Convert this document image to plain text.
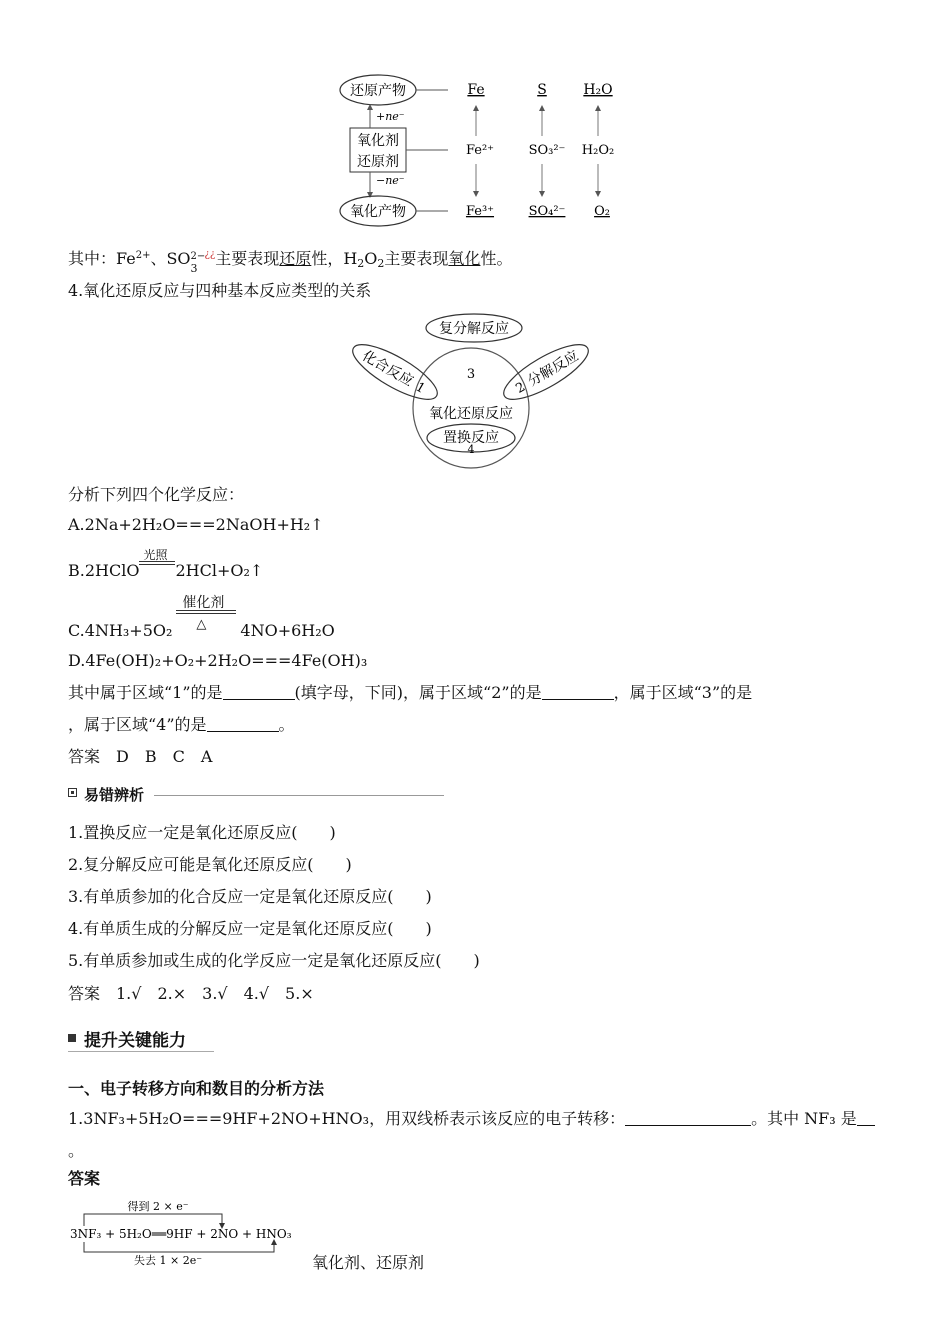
还原产物
氧化剂
还原剂
+ne⁻
−ne⁻
氧化产物
Fe
Fe²⁺
Fe³⁺
S
SO₃²⁻
SO₄²⁻
H₂O
H₂O₂
O₂
其中：$Fe^{2+}$、SO 2−
3
¿¿主要表现还原性，$H_2O_2$主要表现氧化性。
4.氧化还原反应与四种基本反应类型的关系
复分解反应
化合反应
1	2
分解反应
3
氧化还原反应
置换反应
4
分析下列四个化学反应：
A.2Na+2H₂O===2NaOH+H₂↑
B.2HClO
光照
2HCl+O₂↑
C.4NH₃+5O₂
催化剂
△ 4NO+6H₂O
D.4Fe(OH)₂+O₂+2H₂O===4Fe(OH)₃
其中属于区域“1”的是	(填字母，下同)，属于区域“2”的是	，属于区域“3”的是
，属于区域“4”的是	。
答案　D　B　C　A
易错辨析
1.置换反应一定是氧化还原反应(　　)
2.复分解反应可能是氧化还原反应(　　)
3.有单质参加的化合反应一定是氧化还原反应(　　)
4.有单质生成的分解反应一定是氧化还原反应(　　)
5.有单质参加或生成的化学反应一定是氧化还原反应(　　)
答案　1.√　2.×　3.√　4.√　5.×
提升关键能力
一、电子转移方向和数目的分析方法
1.3NF₃+5H₂O===9HF+2NO+HNO₃，用双线桥表示该反应的电子转移：	。其中 NF₃ 是
。
答案
得到 2 × e⁻
3NF₃ + 5H₂O══9HF + 2NO + HNO₃
失去 1 × 2e⁻	氧化剂、还原剂
